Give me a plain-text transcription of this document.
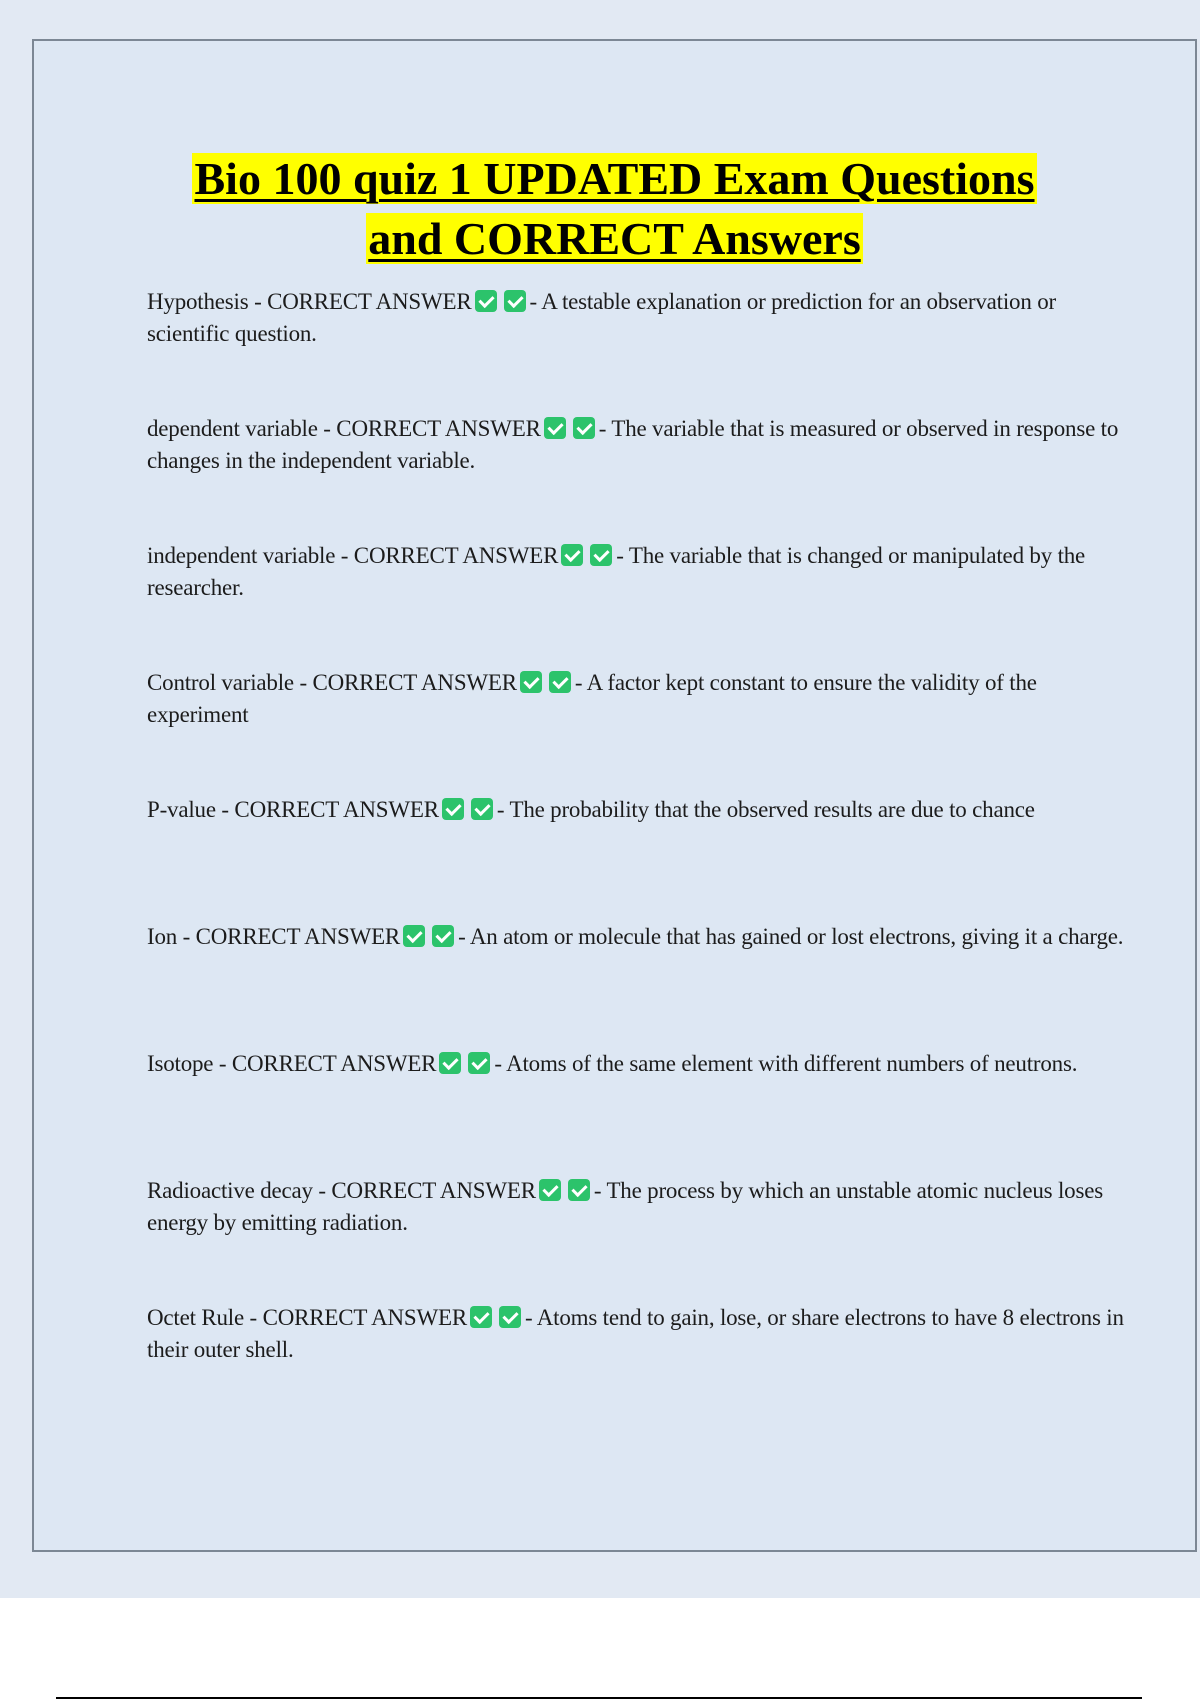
Bio 100 quiz 1 UPDATED Exam Questions
and CORRECT Answers
Hypothesis - CORRECT ANSWER	- A testable explanation or prediction for an observation or scientific question.
dependent variable - CORRECT ANSWER	- The variable that is measured or observed in response to changes in the independent variable.
independent variable - CORRECT ANSWER	- The variable that is changed or manipulated by the researcher.
Control variable - CORRECT ANSWER	- A factor kept constant to ensure the validity of the experiment
P-value - CORRECT ANSWER	- The probability that the observed results are due to chance
Ion - CORRECT ANSWER	- An atom or molecule that has gained or lost electrons, giving it a charge.
Isotope - CORRECT ANSWER	- Atoms of the same element with different numbers of neutrons.
Radioactive decay - CORRECT ANSWER	- The process by which an unstable atomic nucleus loses energy by emitting radiation.
Octet Rule - CORRECT ANSWER	- Atoms tend to gain, lose, or share electrons to have 8 electrons in their outer shell.
